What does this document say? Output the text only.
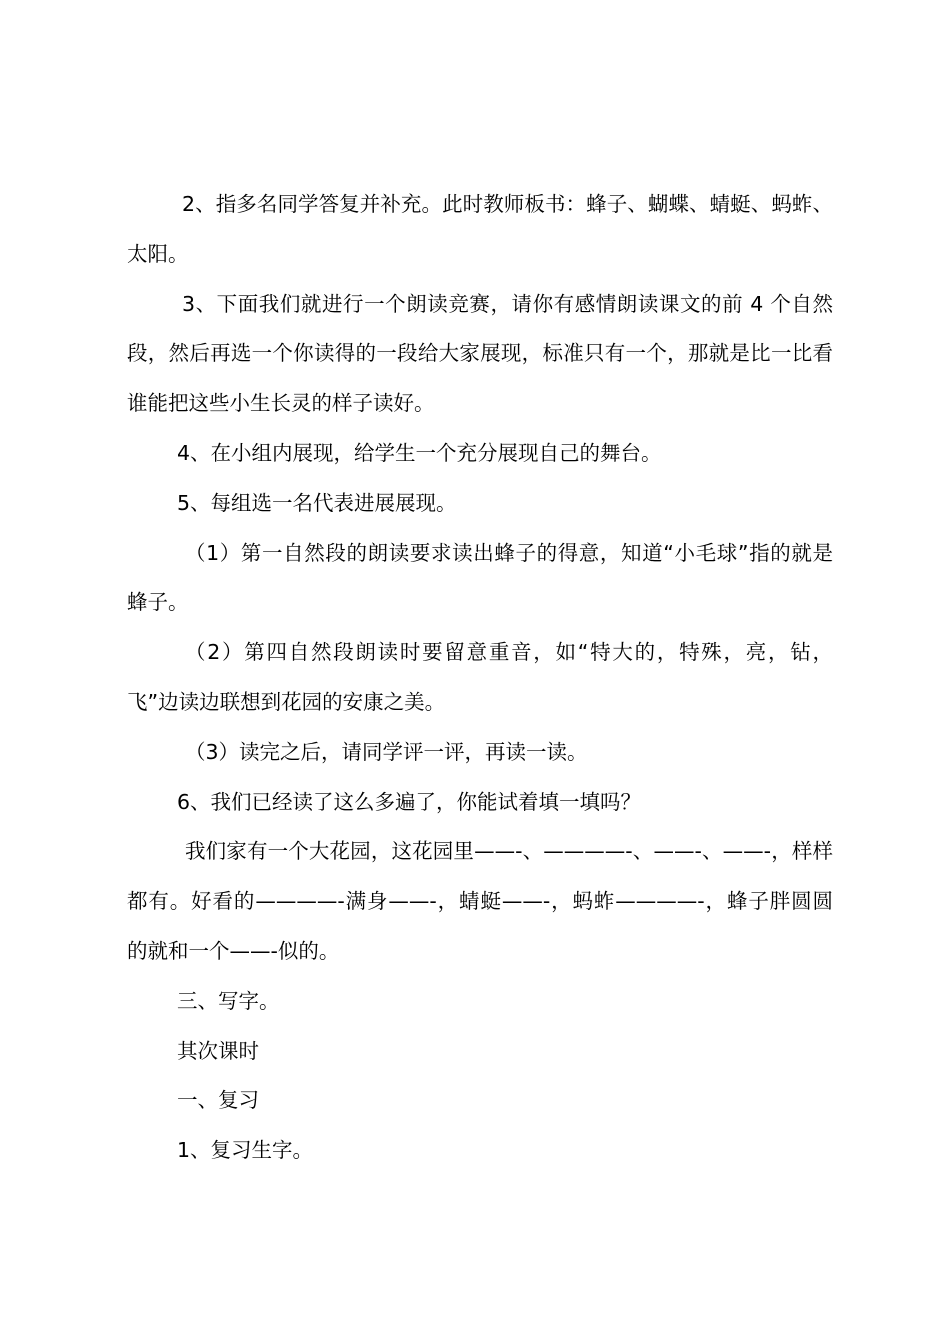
2、指多名同学答复并补充。此时教师板书：蜂子、蝴蝶、蜻蜓、蚂蚱、太阳。

3、下面我们就进行一个朗读竞赛，请你有感情朗读课文的前 4 个自然段，然后再选一个你读得的一段给大家展现，标准只有一个，那就是比一比看谁能把这些小生长灵的样子读好。

4、在小组内展现，给学生一个充分展现自己的舞台。

5、每组选一名代表进展展现。

（1）第一自然段的朗读要求读出蜂子的得意，知道“小毛球”指的就是蜂子。

（2）第四自然段朗读时要留意重音，如“特大的，特殊，亮，钻，飞”边读边联想到花园的安康之美。

（3）读完之后，请同学评一评，再读一读。

6、我们已经读了这么多遍了，你能试着填一填吗？

我们家有一个大花园，这花园里——-、————-、——-、——-，样样都有。好看的————-满身——-，蜻蜓——-，蚂蚱————-，蜂子胖圆圆的就和一个——-似的。

三、写字。

其次课时

一、复习

1、复习生字。
